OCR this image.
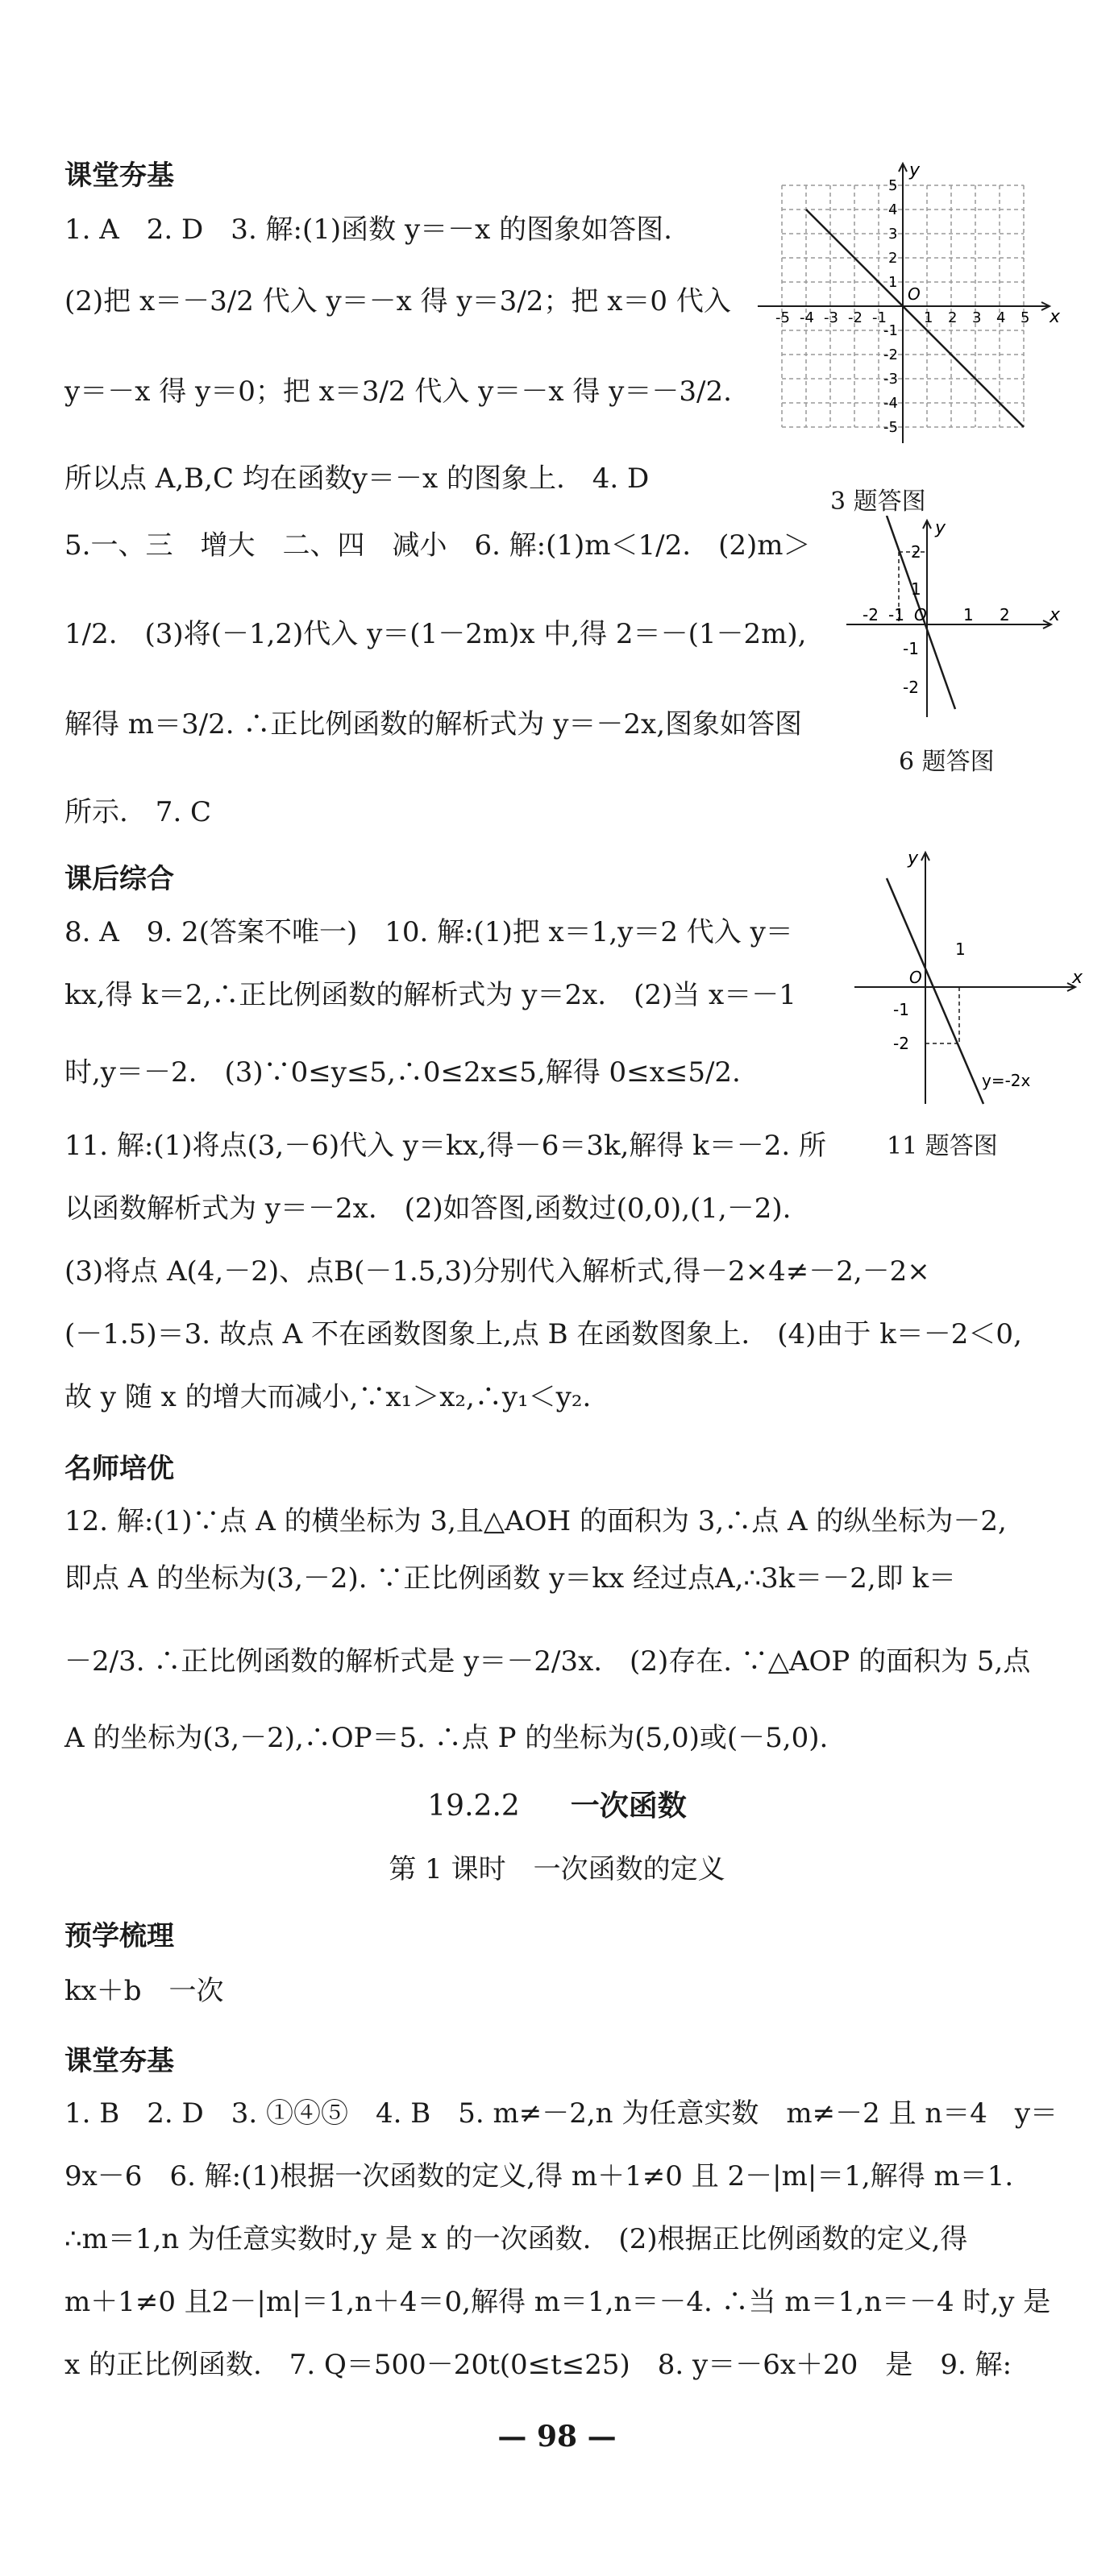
课堂夯基
1. A　2. D　3. 解:(1)函数 y＝－x 的图象如答图.
(2)把 x＝－3/2 代入 y＝－x 得 y＝3/2；把 x＝0 代入
y＝－x 得 y＝0；把 x＝3/2 代入 y＝－x 得 y＝－3/2.
所以点 A,B,C 均在函数y＝－x 的图象上.　4. D
5.一、三　增大　二、四　减小　6. 解:(1)m＜1/2.　(2)m＞
1/2.　(3)将(－1,2)代入 y＝(1－2m)x 中,得 2＝－(1－2m),
解得 m＝3/2. ∴正比例函数的解析式为 y＝－2x,图象如答图
所示.　7. C
x
y
O
-5 -4 -3 -2 -1	1 2 3 4 5
5
4
3
2
1
-1
-2
-3
-4
-5
3 题答图
x
y
O
-2 -1	1 2
2
1
-1
-2
6 题答图
课后综合
8. A　9. 2(答案不唯一)　10. 解:(1)把 x＝1,y＝2 代入 y＝
kx,得 k＝2,∴正比例函数的解析式为 y＝2x.　(2)当 x＝－1
时,y＝－2.　(3)∵0≤y≤5,∴0≤2x≤5,解得 0≤x≤5/2.
11. 解:(1)将点(3,－6)代入 y＝kx,得－6＝3k,解得 k＝－2. 所
以函数解析式为 y＝－2x.　(2)如答图,函数过(0,0),(1,－2).
(3)将点 A(4,－2)、点B(－1.5,3)分别代入解析式,得－2×4≠－2,－2×
(－1.5)＝3. 故点 A 不在函数图象上,点 B 在函数图象上.　(4)由于 k＝－2＜0,
故 y 随 x 的增大而减小,∵x₁＞x₂,∴y₁＜y₂.
x
y
O
1
-1
-2
y=-2x
11 题答图
名师培优
12. 解:(1)∵点 A 的横坐标为 3,且△AOH 的面积为 3,∴点 A 的纵坐标为－2,
即点 A 的坐标为(3,－2). ∵正比例函数 y＝kx 经过点A,∴3k＝－2,即 k＝
－2/3. ∴正比例函数的解析式是 y＝－2/3x.　(2)存在. ∵△AOP 的面积为 5,点
A 的坐标为(3,－2),∴OP＝5. ∴点 P 的坐标为(5,0)或(－5,0).
19.2.2 一次函数
第 1 课时　一次函数的定义
预学梳理
kx＋b　一次
课堂夯基
1. B　2. D　3. ①④⑤　4. B　5. m≠－2,n 为任意实数　m≠－2 且 n＝4　y＝
9x－6　6. 解:(1)根据一次函数的定义,得 m＋1≠0 且 2－|m|＝1,解得 m＝1.
∴m＝1,n 为任意实数时,y 是 x 的一次函数.　(2)根据正比例函数的定义,得
m＋1≠0 且2－|m|＝1,n＋4＝0,解得 m＝1,n＝－4. ∴当 m＝1,n＝－4 时,y 是
x 的正比例函数.　7. Q＝500－20t(0≤t≤25)　8. y＝－6x＋20　是　9. 解:
— 98 —
